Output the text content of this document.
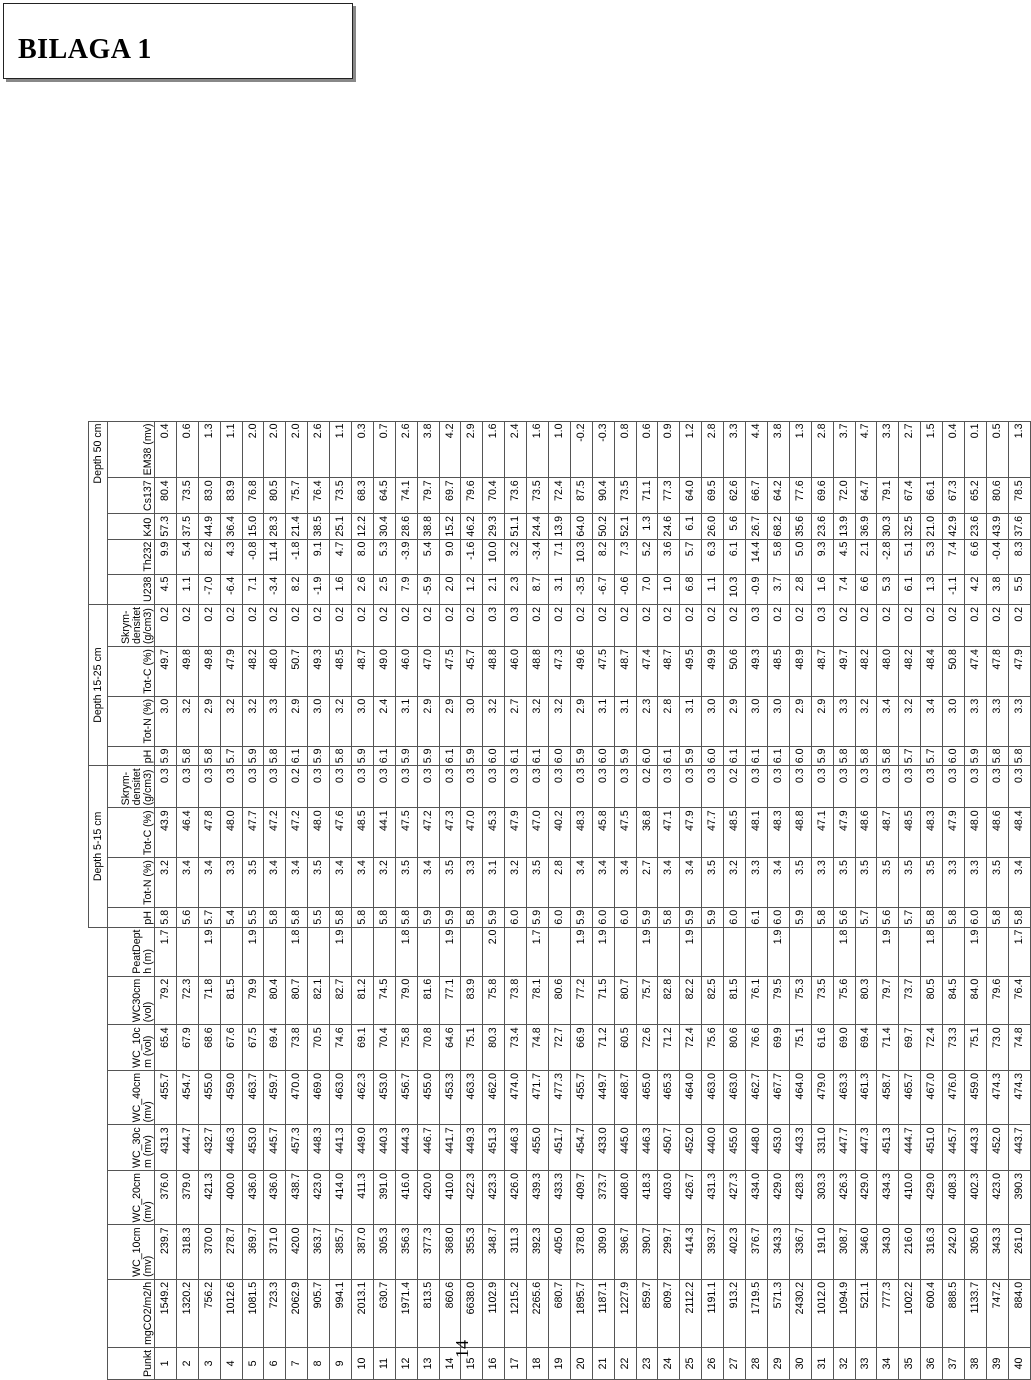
BILAGA 1
									Depth 5-15 cm				Depth 15-25 cm				Depth 50 cm				
Punkt	mgCO2/m2/h	WC_10cm (mv)	WC_20cm (mv)	WC_30c m (mv)	WC_40cm (mv)	WC_10c m (vol)	WC30cm (vol)	PeatDept h (m)	pH	Tot-N (%)	Tot-C (%)	Skrym- densitet (g/cm3)	pH	Tot-N (%)	Tot-C (%)	Skrym- densitet (g/cm3)	U238	Th232	K40	Cs137	EM38 (mv)
1	1549.2	239.7	376.0	431.3	455.7	65.4	79.2	1.7	5.8	3.2	43.9	0.3	5.9	3.0	49.7	0.2	4.5	9.9	57.3	80.4	0.4
2	1320.2	318.3	379.0	444.7	454.7	67.9	72.3		5.6	3.4	46.4	0.3	5.8	3.2	49.8	0.2	1.1	5.4	37.5	73.5	0.6
3	756.2	370.0	421.3	432.7	455.0	68.6	71.8	1.9	5.7	3.4	47.8	0.3	5.8	2.9	49.8	0.2	-7.0	8.2	44.9	83.0	1.3
4	1012.6	278.7	400.0	446.3	459.0	67.6	81.5		5.4	3.3	48.0	0.3	5.7	3.2	47.9	0.2	-6.4	4.3	36.4	83.9	1.1
5	1081.5	369.7	436.0	453.0	463.7	67.5	79.9	1.9	5.5	3.5	47.7	0.3	5.9	3.2	48.2	0.2	7.1	-0.8	15.0	76.8	2.0
6	723.3	371.0	436.0	445.7	459.7	69.4	80.4		5.8	3.4	47.2	0.3	5.8	3.3	48.0	0.2	-3.4	11.4	28.3	80.5	2.0
7	2062.9	420.0	438.7	457.3	470.0	73.8	80.7	1.8	5.8	3.4	47.2	0.2	6.1	2.9	50.7	0.2	8.2	-1.8	21.4	75.7	2.0
8	905.7	363.7	423.0	448.3	469.0	70.5	82.1		5.5	3.5	48.0	0.3	5.9	3.0	49.3	0.2	-1.9	9.1	38.5	76.4	2.6
9	994.1	385.7	414.0	441.3	463.0	74.6	82.7	1.9	5.8	3.4	47.6	0.3	5.8	3.2	48.5	0.2	1.6	4.7	25.1	73.5	1.1
10	2013.1	387.0	411.3	449.0	462.3	69.1	81.2		5.8	3.4	48.5	0.3	5.9	3.0	48.7	0.2	2.6	8.0	12.2	68.3	0.3
11	630.7	305.3	391.0	440.3	453.0	70.4	74.5		5.8	3.2	44.1	0.3	6.1	2.4	49.0	0.2	2.5	5.3	30.4	64.5	0.7
12	1971.4	356.3	416.0	444.3	456.7	75.8	79.0	1.8	5.8	3.5	47.5	0.3	5.9	3.1	46.0	0.2	7.9	-3.9	28.6	74.1	2.6
13	813.5	377.3	420.0	446.7	455.0	70.8	81.6		5.9	3.4	47.2	0.3	5.9	2.9	47.0	0.2	-5.9	5.4	38.8	79.7	3.8
14	860.6	368.0	410.0	441.7	453.3	64.6	77.1	1.9	5.9	3.5	47.3	0.3	6.1	2.9	47.5	0.2	2.0	9.0	15.2	69.7	4.2
15	6638.0	355.3	422.3	449.3	463.3	75.1	83.9		5.8	3.3	47.0	0.3	5.9	3.0	45.7	0.2	1.2	-1.6	46.2	79.6	2.9
16	1102.9	348.7	423.3	451.3	462.0	80.3	75.8	2.0	5.9	3.1	45.3	0.3	6.0	3.2	48.8	0.3	2.1	10.0	29.3	70.4	1.6
17	1215.2	311.3	426.0	446.3	474.0	73.4	73.8		6.0	3.2	47.9	0.3	6.1	2.7	46.0	0.3	2.3	3.2	51.1	73.6	2.4
18	2265.6	392.3	439.3	455.0	471.7	74.8	78.1	1.7	5.9	3.5	47.0	0.3	6.1	3.2	48.8	0.2	8.7	-3.4	24.4	73.5	1.6
19	680.7	405.0	433.3	451.7	477.3	72.7	80.6		6.0	2.8	40.2	0.3	6.0	3.2	47.3	0.2	3.1	7.1	13.9	72.4	1.0
20	1895.7	378.0	409.7	454.7	455.7	66.9	77.2	1.9	5.9	3.4	48.3	0.3	5.9	2.9	49.6	0.2	-3.5	10.3	64.0	87.5	-0.2
21	1187.1	309.0	373.7	433.0	449.7	71.2	71.5	1.9	6.0	3.4	45.8	0.3	6.0	3.1	47.5	0.2	-6.7	8.2	50.2	90.4	-0.3
22	1227.9	396.7	408.0	445.0	468.7	60.5	80.7		6.0	3.4	47.5	0.3	5.9	3.1	48.7	0.2	-0.6	7.3	52.1	73.5	0.8
23	859.7	390.7	418.3	446.3	465.0	72.6	75.7	1.9	5.9	2.7	36.8	0.2	6.0	2.3	47.4	0.2	7.0	5.2	1.3	71.1	0.6
24	809.7	299.7	403.0	450.7	465.3	71.2	82.8		5.8	3.4	47.1	0.3	6.1	2.8	48.7	0.2	1.0	3.6	24.6	77.3	0.9
25	2112.2	414.3	426.7	452.0	464.0	72.4	82.2	1.9	5.9	3.4	47.9	0.3	5.9	3.1	49.5	0.2	6.8	5.7	6.1	64.0	1.2
26	1191.1	393.7	431.3	440.0	463.0	75.6	82.5		5.9	3.5	47.7	0.3	6.0	3.0	49.9	0.2	1.1	6.3	26.0	69.5	2.8
27	913.2	402.3	427.3	455.0	463.0	80.6	81.5		6.0	3.2	48.5	0.2	6.1	2.9	50.6	0.2	10.3	6.1	5.6	62.6	3.3
28	1719.5	376.7	434.0	448.0	462.7	76.6	76.1		6.1	3.3	48.1	0.3	6.1	3.0	49.3	0.3	-0.9	14.4	26.7	66.7	4.4
29	571.3	343.3	429.0	453.0	467.7	69.9	79.5	1.9	6.0	3.4	48.3	0.3	6.1	3.0	48.5	0.2	3.7	5.8	68.2	64.2	3.8
30	2430.2	336.7	428.3	443.3	464.0	75.1	75.3		5.9	3.5	48.8	0.3	6.0	2.9	48.9	0.2	2.8	5.0	35.6	77.6	1.3
31	1012.0	191.0	303.3	331.0	479.0	61.6	73.5		5.8	3.3	47.1	0.3	5.9	2.9	48.7	0.3	1.6	9.3	23.6	69.6	2.8
32	1094.9	308.7	426.3	447.7	463.3	69.0	75.6	1.8	5.6	3.5	47.9	0.3	5.8	3.3	49.7	0.2	7.4	4.5	13.9	72.0	3.7
33	521.1	346.0	429.0	447.3	461.3	69.4	80.3		5.7	3.5	48.6	0.3	5.8	3.2	48.2	0.2	6.6	2.1	36.9	64.7	4.7
34	777.3	343.0	434.3	451.3	458.7	71.4	79.7	1.9	5.6	3.5	48.7	0.3	5.8	3.4	48.0	0.2	5.3	-2.8	30.3	79.1	3.3
35	1002.2	216.0	410.0	444.7	465.7	69.7	73.7		5.7	3.5	48.5	0.3	5.7	3.2	48.2	0.2	6.1	5.1	32.5	67.4	2.7
36	600.4	316.3	429.0	451.0	467.0	72.4	80.5	1.8	5.8	3.5	48.3	0.3	5.7	3.4	48.4	0.2	1.3	5.3	21.0	66.1	1.5
37	888.5	242.0	408.3	445.7	476.0	73.3	84.5		5.8	3.3	47.9	0.3	6.0	3.0	50.8	0.2	-1.1	7.4	42.9	67.3	0.4
38	1133.7	305.0	402.3	443.3	459.0	75.1	84.0	1.9	6.0	3.3	48.0	0.3	5.9	3.3	47.4	0.2	4.2	6.6	23.6	65.2	0.1
39	747.2	343.3	423.0	452.0	474.3	73.0	79.6		5.8	3.5	48.6	0.3	5.8	3.3	47.8	0.2	3.8	-0.4	43.9	80.6	0.5
40	884.0	261.0	390.3	443.7	474.3	74.8	76.4	1.7	5.8	3.4	48.4	0.3	5.8	3.3	47.9	0.2	5.5	8.3	37.6	78.5	1.3
14
